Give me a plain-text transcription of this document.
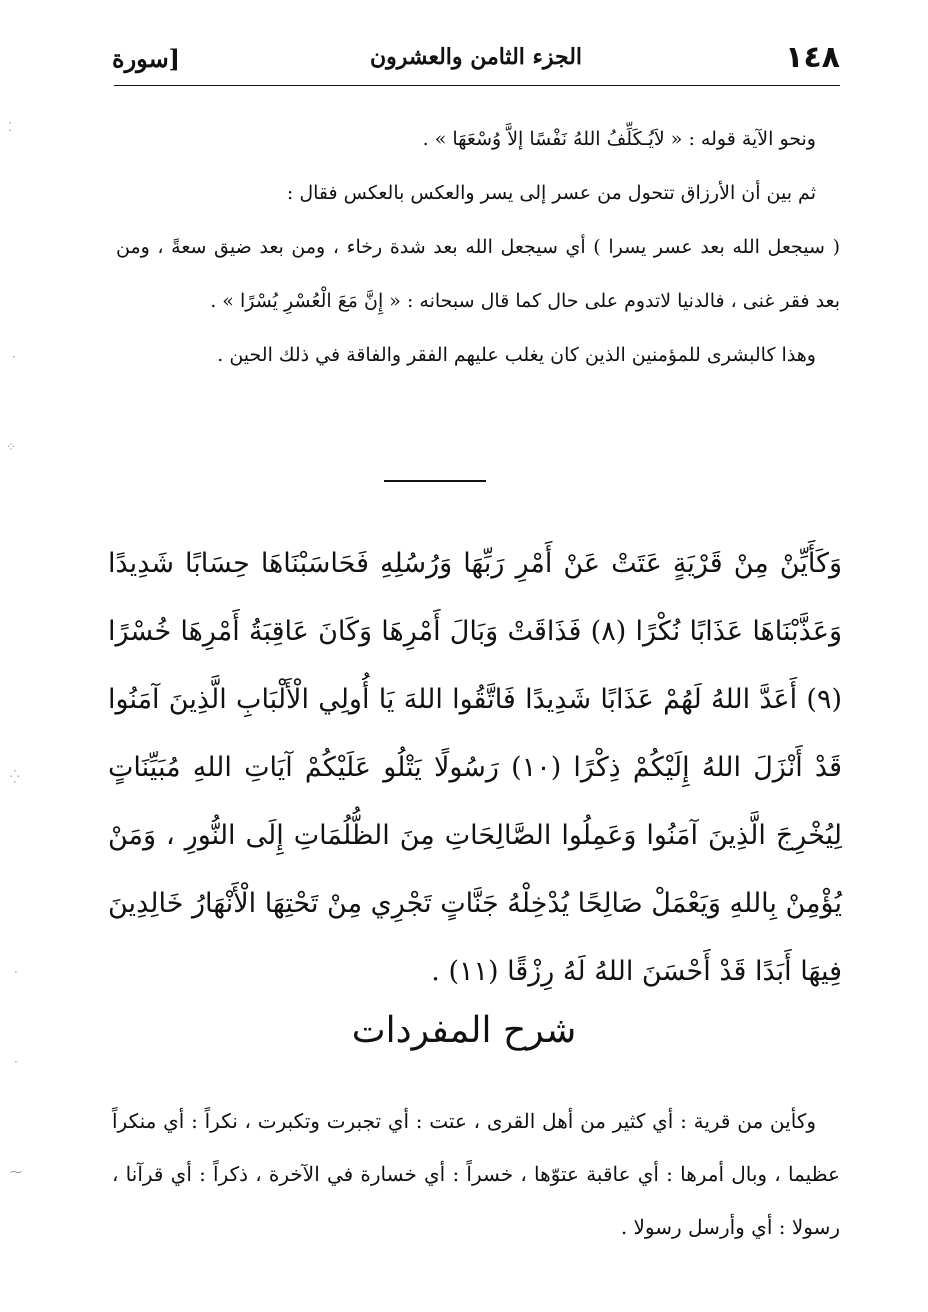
١٤٨
الجزء الثامن والعشرون
[سورة

ونحو الآية قوله : « لاَيُـكَلِّفُ اللهُ نَفْسًا إلاَّ وُسْعَهَا » .

ثم بين أن الأرزاق تتحول من عسر إلى يسر والعكس بالعكس فقال :

( سيجعل الله بعد عسر يسرا ) أي سيجعل الله بعد شدة رخاء ، ومن بعد ضيق سعةً ، ومن بعد فقر غنى ، فالدنيا لاتدوم على حال كما قال سبحانه : « إِنَّ مَعَ الْعُسْرِ يُسْرًا » .

وهذا كالبشرى للمؤمنين الذين كان يغلب عليهم الفقر والفاقة في ذلك الحين .

وَكَأَيِّنْ مِنْ قَرْيَةٍ عَتَتْ عَنْ أَمْرِ رَبِّهَا وَرُسُلِهِ فَحَاسَبْنَاهَا حِسَابًا شَدِيدًا وَعَذَّبْنَاهَا عَذَابًا نُكْرًا (٨) فَذَاقَتْ وَبَالَ أَمْرِهَا وَكَانَ عَاقِبَةُ أَمْرِهَا خُسْرًا (٩) أَعَدَّ اللهُ لَهُمْ عَذَابًا شَدِيدًا فَاتَّقُوا اللهَ يَا أُولِي الْأَلْبَابِ الَّذِينَ آمَنُوا قَدْ أَنْزَلَ اللهُ إِلَيْكُمْ ذِكْرًا (١٠) رَسُولًا يَتْلُو عَلَيْكُمْ آيَاتِ اللهِ مُبَيِّنَاتٍ لِيُخْرِجَ الَّذِينَ آمَنُوا وَعَمِلُوا الصَّالِحَاتِ مِنَ الظُّلُمَاتِ إِلَى النُّورِ ، وَمَنْ يُؤْمِنْ بِاللهِ وَيَعْمَلْ صَالِحًا يُدْخِلْهُ جَنَّاتٍ تَجْرِي مِنْ تَحْتِهَا الْأَنْهَارُ خَالِدِينَ فِيهَا أَبَدًا قَدْ أَحْسَنَ اللهُ لَهُ رِزْقًا (١١) .

شرح المفردات

وكأين من قرية : أي كثير من أهل القرى ، عتت : أي تجبرت وتكبرت ، نكراً : أي منكراً عظيما ، وبال أمرها : أي عاقبة عتوّها ، خسراً : أي خسارة في الآخرة ، ذكراً : أي قرآنا ، رسولا : أي وأرسل رسولا .

⁚
·
⁘
⁛
·
·
⁓
